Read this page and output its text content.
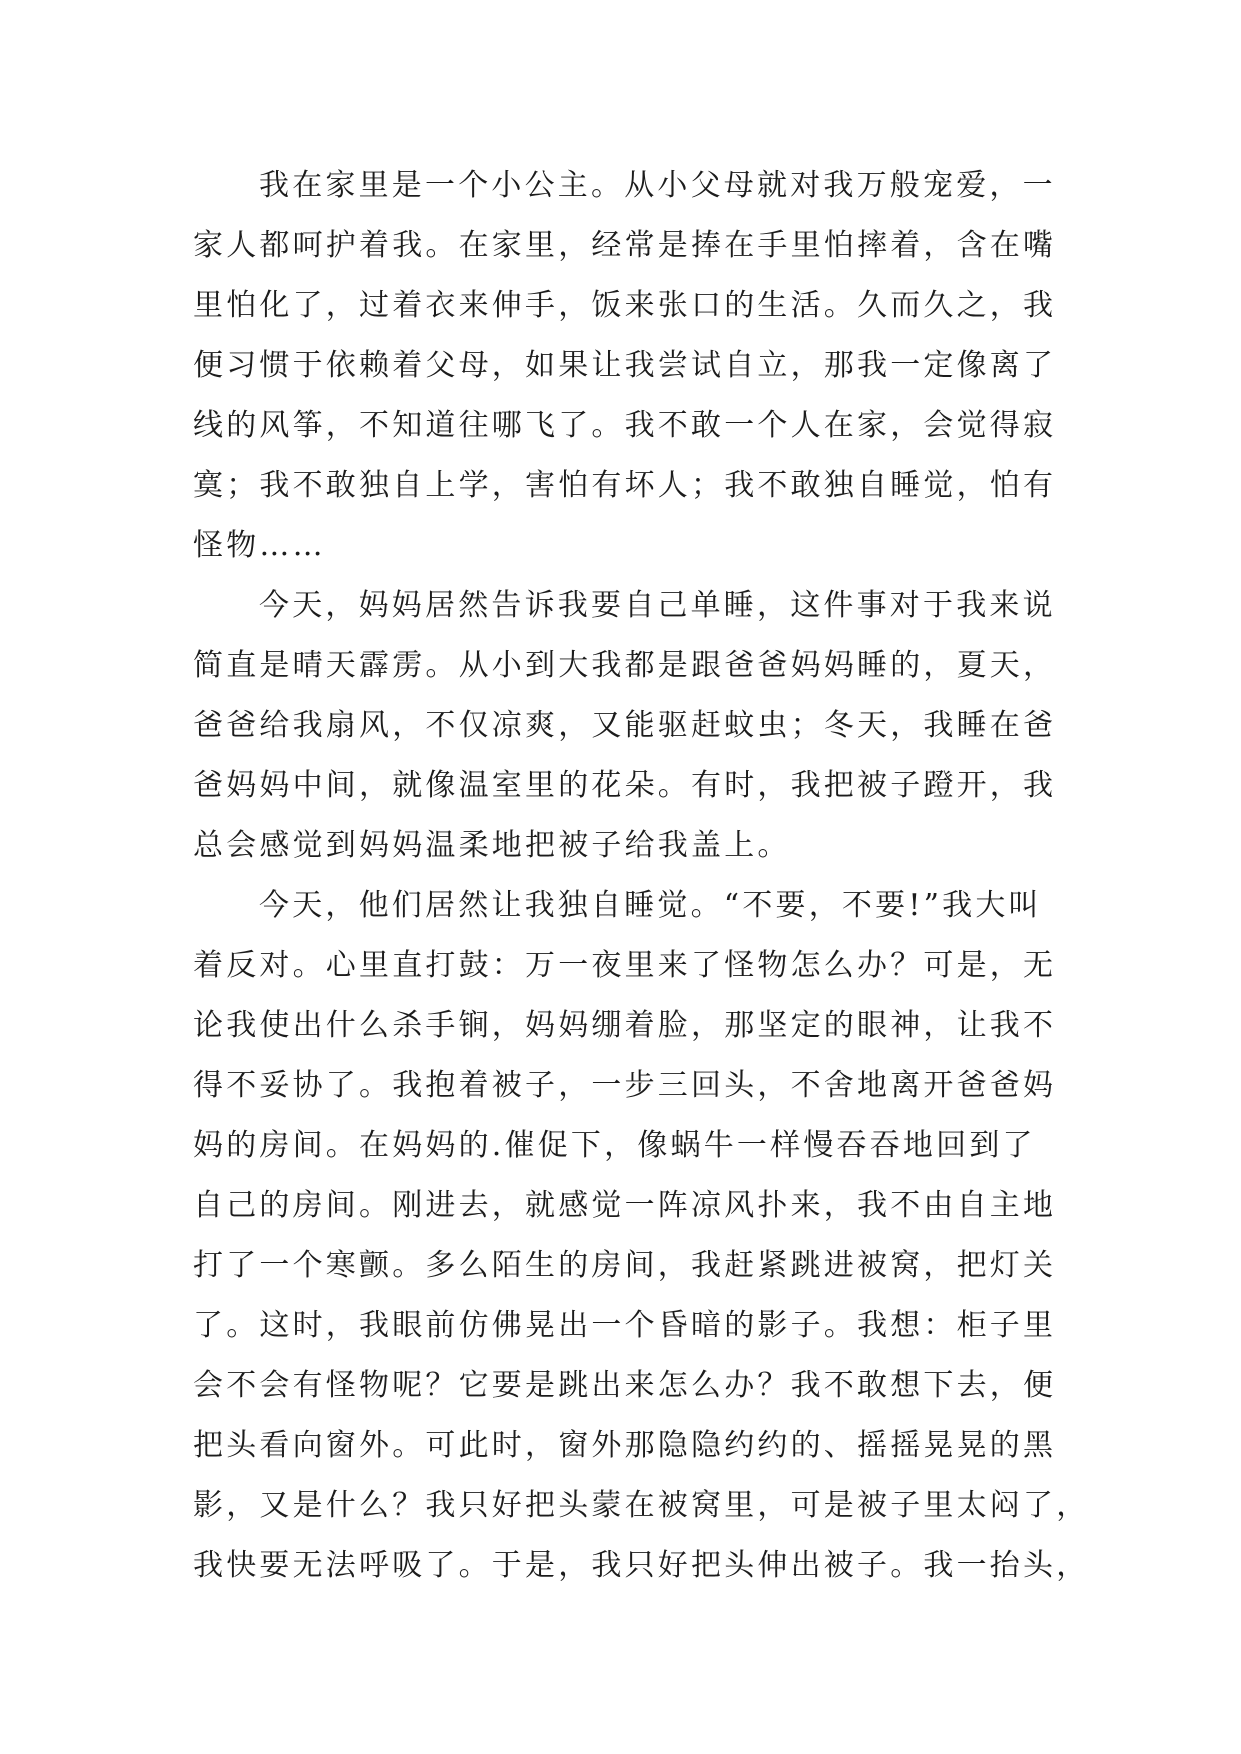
我在家里是一个小公主。从小父母就对我万般宠爱，一
家人都呵护着我。在家里，经常是捧在手里怕摔着，含在嘴
里怕化了，过着衣来伸手，饭来张口的生活。久而久之，我
便习惯于依赖着父母，如果让我尝试自立，那我一定像离了
线的风筝，不知道往哪飞了。我不敢一个人在家，会觉得寂
寞；我不敢独自上学，害怕有坏人；我不敢独自睡觉，怕有
怪物……
今天，妈妈居然告诉我要自己单睡，这件事对于我来说
简直是晴天霹雳。从小到大我都是跟爸爸妈妈睡的，夏天，
爸爸给我扇风，不仅凉爽，又能驱赶蚊虫；冬天，我睡在爸
爸妈妈中间，就像温室里的花朵。有时，我把被子蹬开，我
总会感觉到妈妈温柔地把被子给我盖上。
今天，他们居然让我独自睡觉。“不要，不要!”我大叫
着反对。心里直打鼓：万一夜里来了怪物怎么办？可是，无
论我使出什么杀手锏，妈妈绷着脸，那坚定的眼神，让我不
得不妥协了。我抱着被子，一步三回头，不舍地离开爸爸妈
妈的房间。在妈妈的.催促下，像蜗牛一样慢吞吞地回到了
自己的房间。刚进去，就感觉一阵凉风扑来，我不由自主地
打了一个寒颤。多么陌生的房间，我赶紧跳进被窝，把灯关
了。这时，我眼前仿佛晃出一个昏暗的影子。我想：柜子里
会不会有怪物呢？它要是跳出来怎么办？我不敢想下去，便
把头看向窗外。可此时，窗外那隐隐约约的、摇摇晃晃的黑
影，又是什么？我只好把头蒙在被窝里，可是被子里太闷了，
我快要无法呼吸了。于是，我只好把头伸出被子。我一抬头，
